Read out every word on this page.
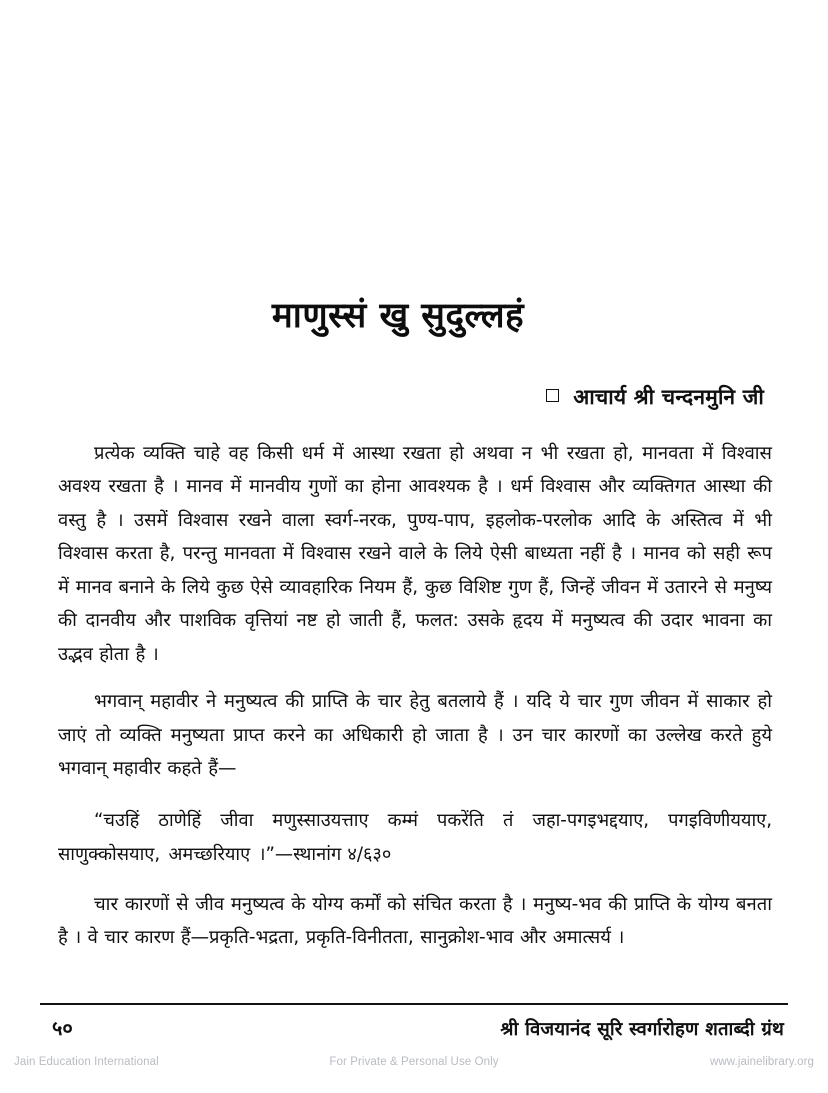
माणुस्सं खु सुदुल्लहं
आचार्य श्री चन्दनमुनि जी

प्रत्येक व्यक्ति चाहे वह किसी धर्म में आस्था रखता हो अथवा न भी रखता हो, मानवता में विश्वास अवश्य रखता है । मानव में मानवीय गुणों का होना आवश्यक है । धर्म विश्वास और व्यक्तिगत आस्था की वस्तु है । उसमें विश्वास रखने वाला स्वर्ग-नरक, पुण्य-पाप, इहलोक-परलोक आदि के अस्तित्व में भी विश्वास करता है, परन्तु मानवता में विश्वास रखने वाले के लिये ऐसी बाध्यता नहीं है । मानव को सही रूप में मानव बनाने के लिये कुछ ऐसे व्यावहारिक नियम हैं, कुछ विशिष्ट गुण हैं, जिन्हें जीवन में उतारने से मनुष्य की दानवीय और पाशविक वृत्तियां नष्ट हो जाती हैं, फलत: उसके हृदय में मनुष्यत्व की उदार भावना का उद्भव होता है ।

भगवान् महावीर ने मनुष्यत्व की प्राप्ति के चार हेतु बतलाये हैं । यदि ये चार गुण जीवन में साकार हो जाएं तो व्यक्ति मनुष्यता प्राप्त करने का अधिकारी हो जाता है । उन चार कारणों का उल्लेख करते हुये भगवान् महावीर कहते हैं—

“चउहिं ठाणेहिं जीवा मणुस्साउयत्ताए कम्मं पकरेंति तं जहा-पगइभद्दयाए, पगइविणीययाए, साणुक्कोसयाए, अमच्छरियाए ।”—स्थानांग ४/६३०

चार कारणों से जीव मनुष्यत्व के योग्य कर्मों को संचित करता है । मनुष्य-भव की प्राप्ति के योग्य बनता है । वे चार कारण हैं—प्रकृति-भद्रता, प्रकृति-विनीतता, सानुक्रोश-भाव और अमात्सर्य ।

५०	श्री विजयानंद सूरि स्वर्गारोहण शताब्दी ग्रंथ
Jain Education International	For Private & Personal Use Only	www.jainelibrary.org
